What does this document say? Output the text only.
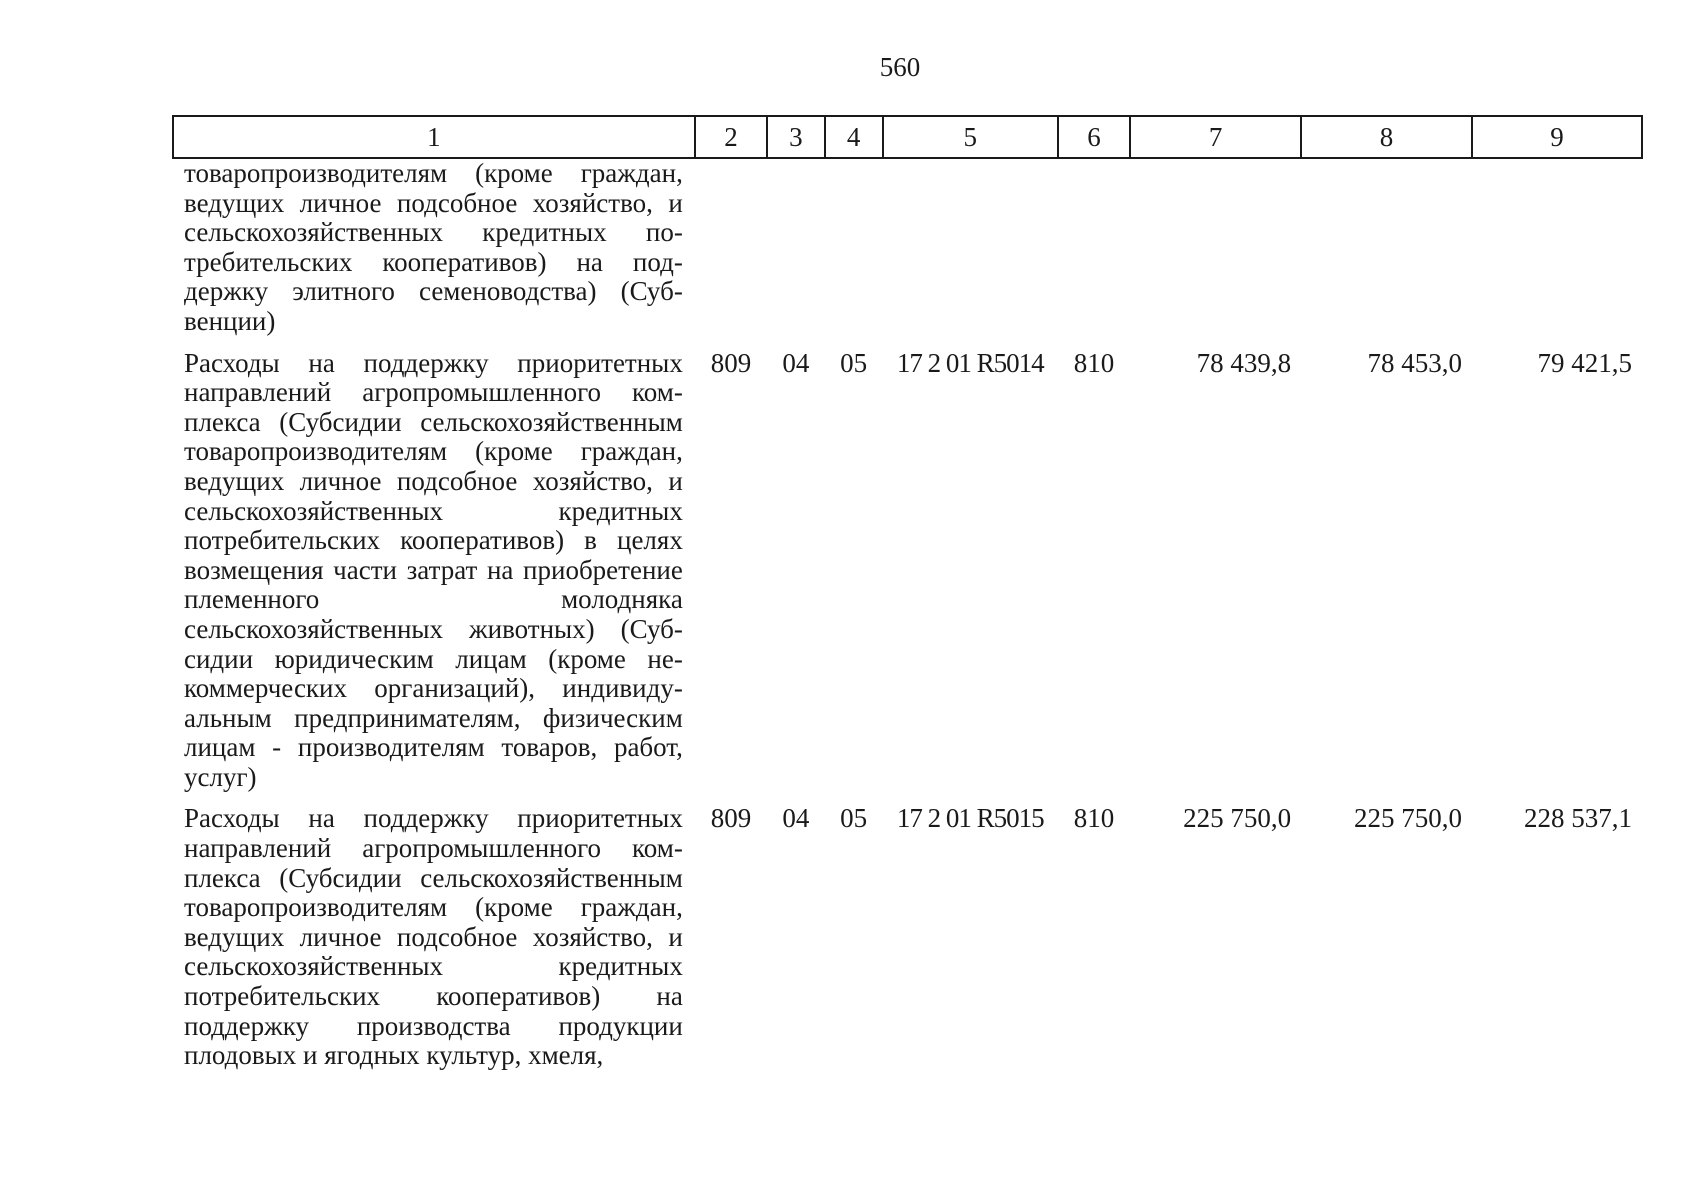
560
1	2	3	4	5	6	7	8	9
товаропроизводителям (кроме граждан, ведущих личное подсобное хозяйство, и сельскохозяйственных кредитных потребительских кооперативов) на поддержку элитного семеноводства) (Субвенции)								
Расходы на поддержку приоритетных направлений агропромышленного комплекса (Субсидии сельскохозяйственным товаропроизводителям (кроме граждан, ведущих личное подсобное хозяйство, и сельскохозяйственных кредитных потребительских кооперативов) в целях возмещения части затрат на приобретение племенного молодняка сельскохозяйственных животных) (Субсидии юридическим лицам (кроме некоммерческих организаций), индивидуальным предпринимателям, физическим лицам - производителям товаров, работ, услуг)	809	04	05	17 2 01 R5014	810	78 439,8	78 453,0	79 421,5
Расходы на поддержку приоритетных направлений агропромышленного комплекса (Субсидии сельскохозяйственным товаропроизводителям (кроме граждан, ведущих личное подсобное хозяйство, и сельскохозяйственных кредитных потребительских кооперативов) на поддержку производства продукции плодовых и ягодных культур, хмеля,	809	04	05	17 2 01 R5015	810	225 750,0	225 750,0	228 537,1
